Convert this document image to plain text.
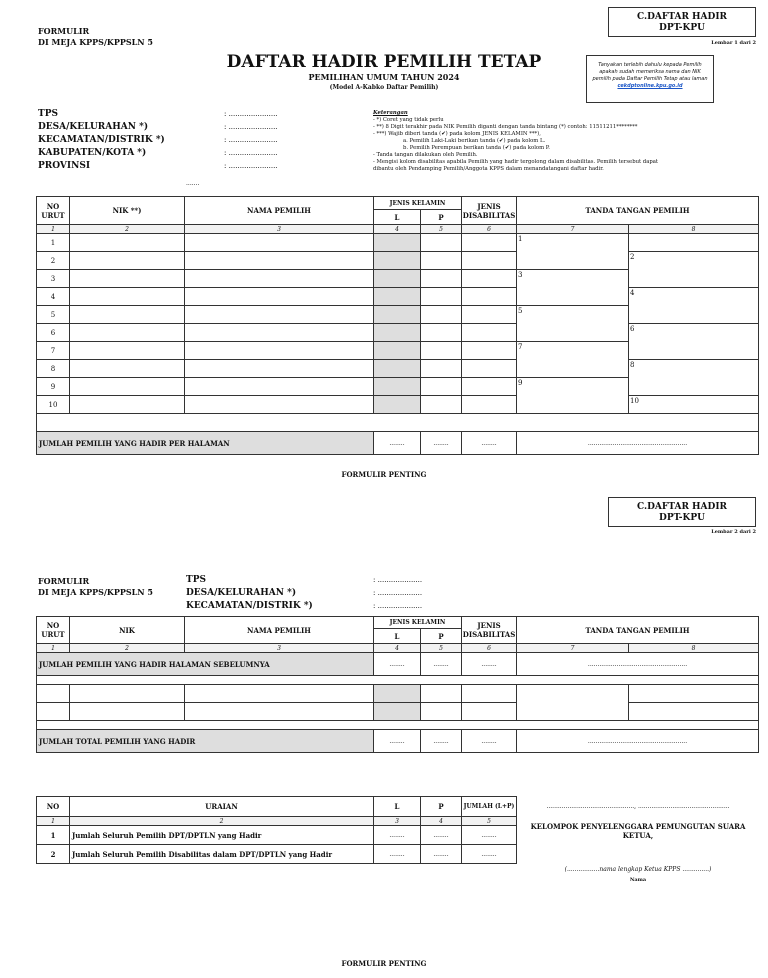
FORMULIR
DI MEJA KPPS/KPPSLN 5
C.DAFTAR HADIR
DPT-KPU
Lembar 1 dari 2
DAFTAR HADIR PEMILIH TETAP
PEMILIHAN UMUM TAHUN 2024
(Model A-Kabko Daftar Pemilih)
Tanyakan terlebih dahulu kepada Pemilih apakah sudah memeriksa nama dan NIK pemilih pada Daftar Pemilih Tetap atau laman cekdptonline.kpu.go.id
TPS	: ......................
DESA/KELURAHAN *)	: ......................
KECAMATAN/DISTRIK *)	: ......................
KABUPATEN/KOTA *)	: ......................
PROVINSI	: ......................
.......
Keterangan
- *) Coret yang tidak perlu
- **) 8 Digit terakhir pada NIK Pemilih diganti dengan tanda bintang (*) contoh: 11511211********
- ***) Wajib diberi tanda (✔) pada kolom JENIS KELAMIN ***),
a. Pemilih Laki-Laki berikan tanda (✔) pada kolom L.
b. Pemilih Perempuan berikan tanda (✔) pada kolom P.
- Tanda tangan dilakukan oleh Pemilih.
- Mengisi kolom disabilitas apabila Pemilih yang hadir tergolong dalam disabilitas. Pemilih tersebut dapat
dibantu oleh Pendamping Pemilih/Anggota KPPS dalam menandatangani daftar hadir.
NO URUT	NIK **)	NAMA PEMILIH	JENIS KELAMIN		JENIS DISABILITAS	TANDA TANGAN PEMILIH	
			L	P			
1	2	3	4	5	6	7	8
1						1	

2							2

3						3	

4							4

5						5	

6							6

7						7	

8							8

9						9	

10							10

JUMLAH PEMILIH YANG HADIR PER HALAMAN			........	........	........	....................................................	
FORMULIR PENTING
C.DAFTAR HADIR
DPT-KPU
Lembar 2 dari 2
FORMULIR
DI MEJA KPPS/KPPSLN 5
TPS	: ....................
DESA/KELURAHAN *)	: ....................
KECAMATAN/DISTRIK *)	: ....................
NO URUT	NIK	NAMA PEMILIH	JENIS KELAMIN		JENIS DISABILITAS	TANDA TANGAN PEMILIH	
			L	P			
1	2	3	4	5	6	7	8
JUMLAH PEMILIH YANG HADIR HALAMAN SEBELUMNYA			........	........	........	....................................................	

JUMLAH TOTAL PEMILIH YANG HADIR			........	........	........	....................................................	
NO	URAIAN	L	P	JUMLAH (L+P)
1	2	3	4	5
1	Jumlah Seluruh Pemilih DPT/DPTLN yang Hadir	........	........	........
2	Jumlah Seluruh Pemilih Disabilitas dalam DPT/DPTLN yang Hadir	........	........	........
.............................................., ................................................
KELOMPOK PENYELENGGARA PEMUNGUTAN SUARA KETUA,
(.................nama lengkap Ketua KPPS ..............)
Nama
FORMULIR PENTING
